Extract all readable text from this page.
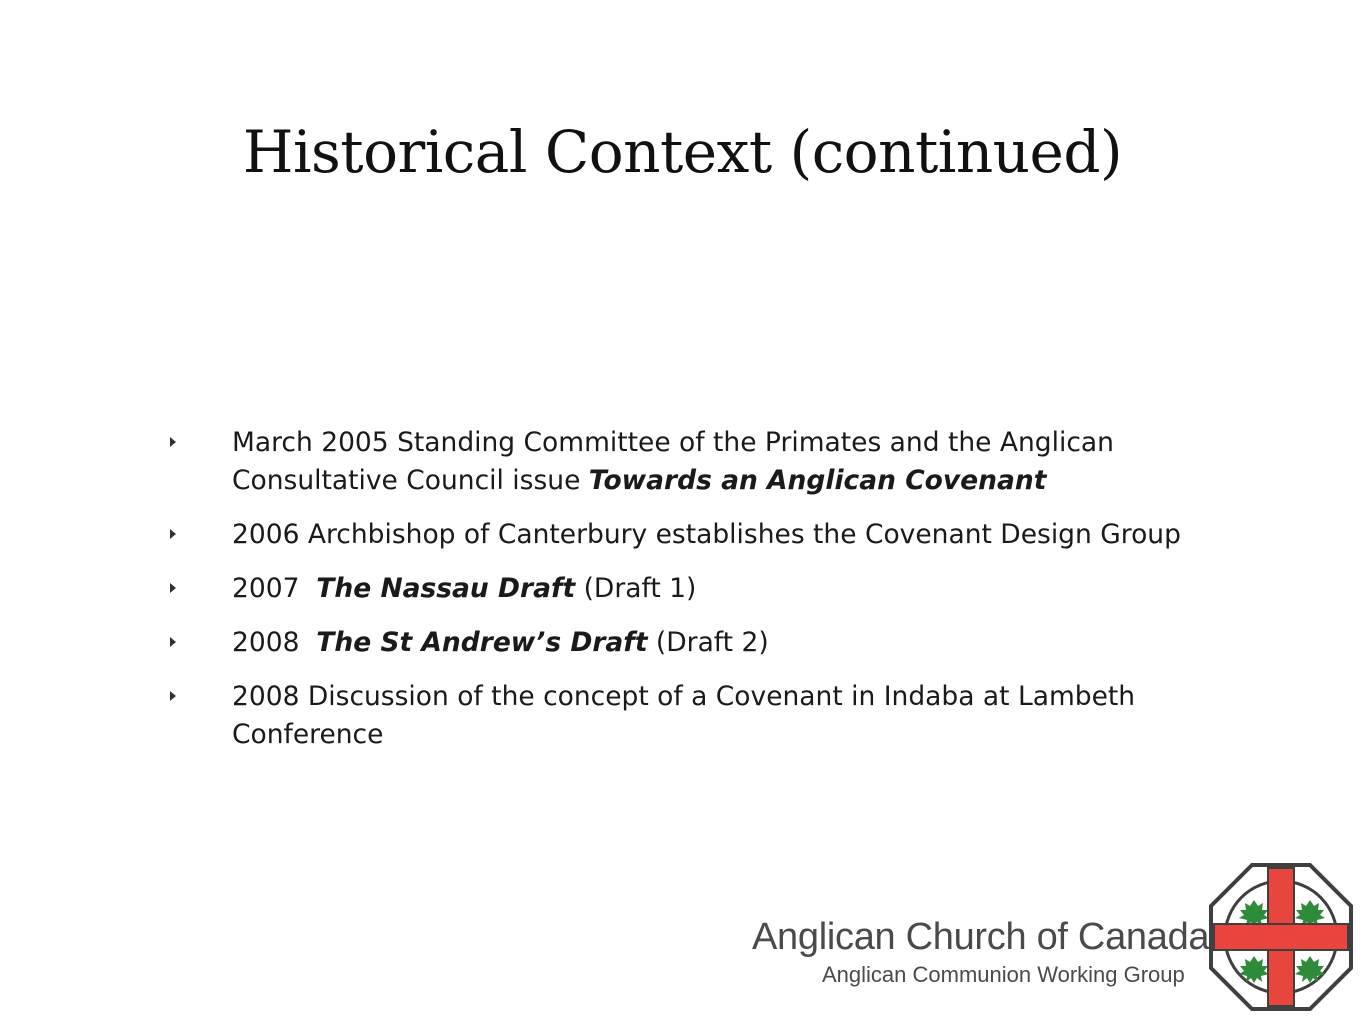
Historical Context (continued)
March 2005 Standing Committee of the Primates and the Anglican Consultative Council issue Towards an Anglican Covenant
2006 Archbishop of Canterbury establishes the Covenant Design Group
2007  The Nassau Draft (Draft 1)
2008  The St Andrew’s Draft (Draft 2)
2008 Discussion of the concept of a Covenant in Indaba at Lambeth Conference
Anglican Church of Canada
Anglican Communion Working Group
